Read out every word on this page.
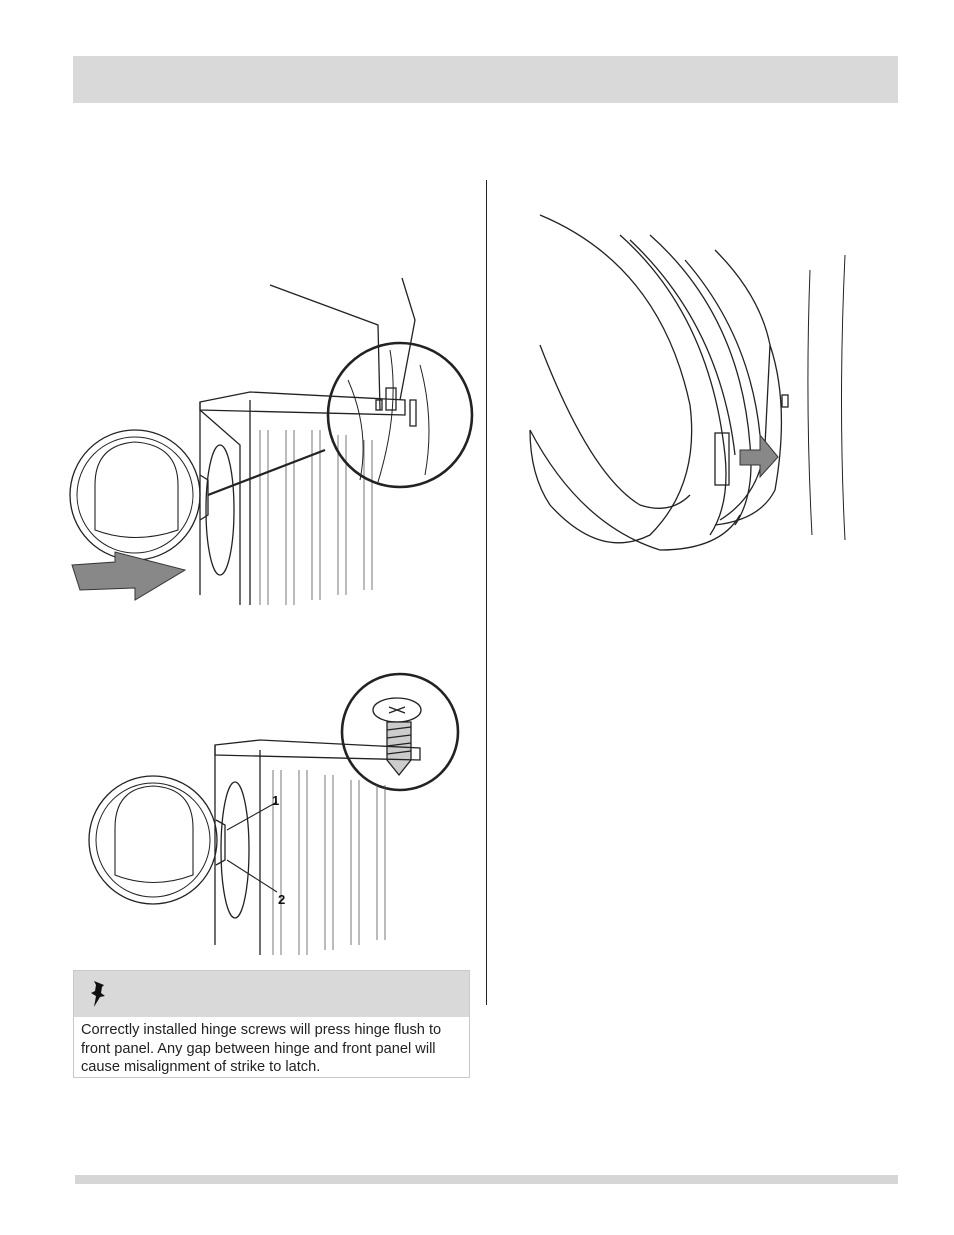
1
2
Correctly installed hinge screws will press hinge flush to front panel. Any gap between hinge and front panel will cause misalignment of strike to latch.
